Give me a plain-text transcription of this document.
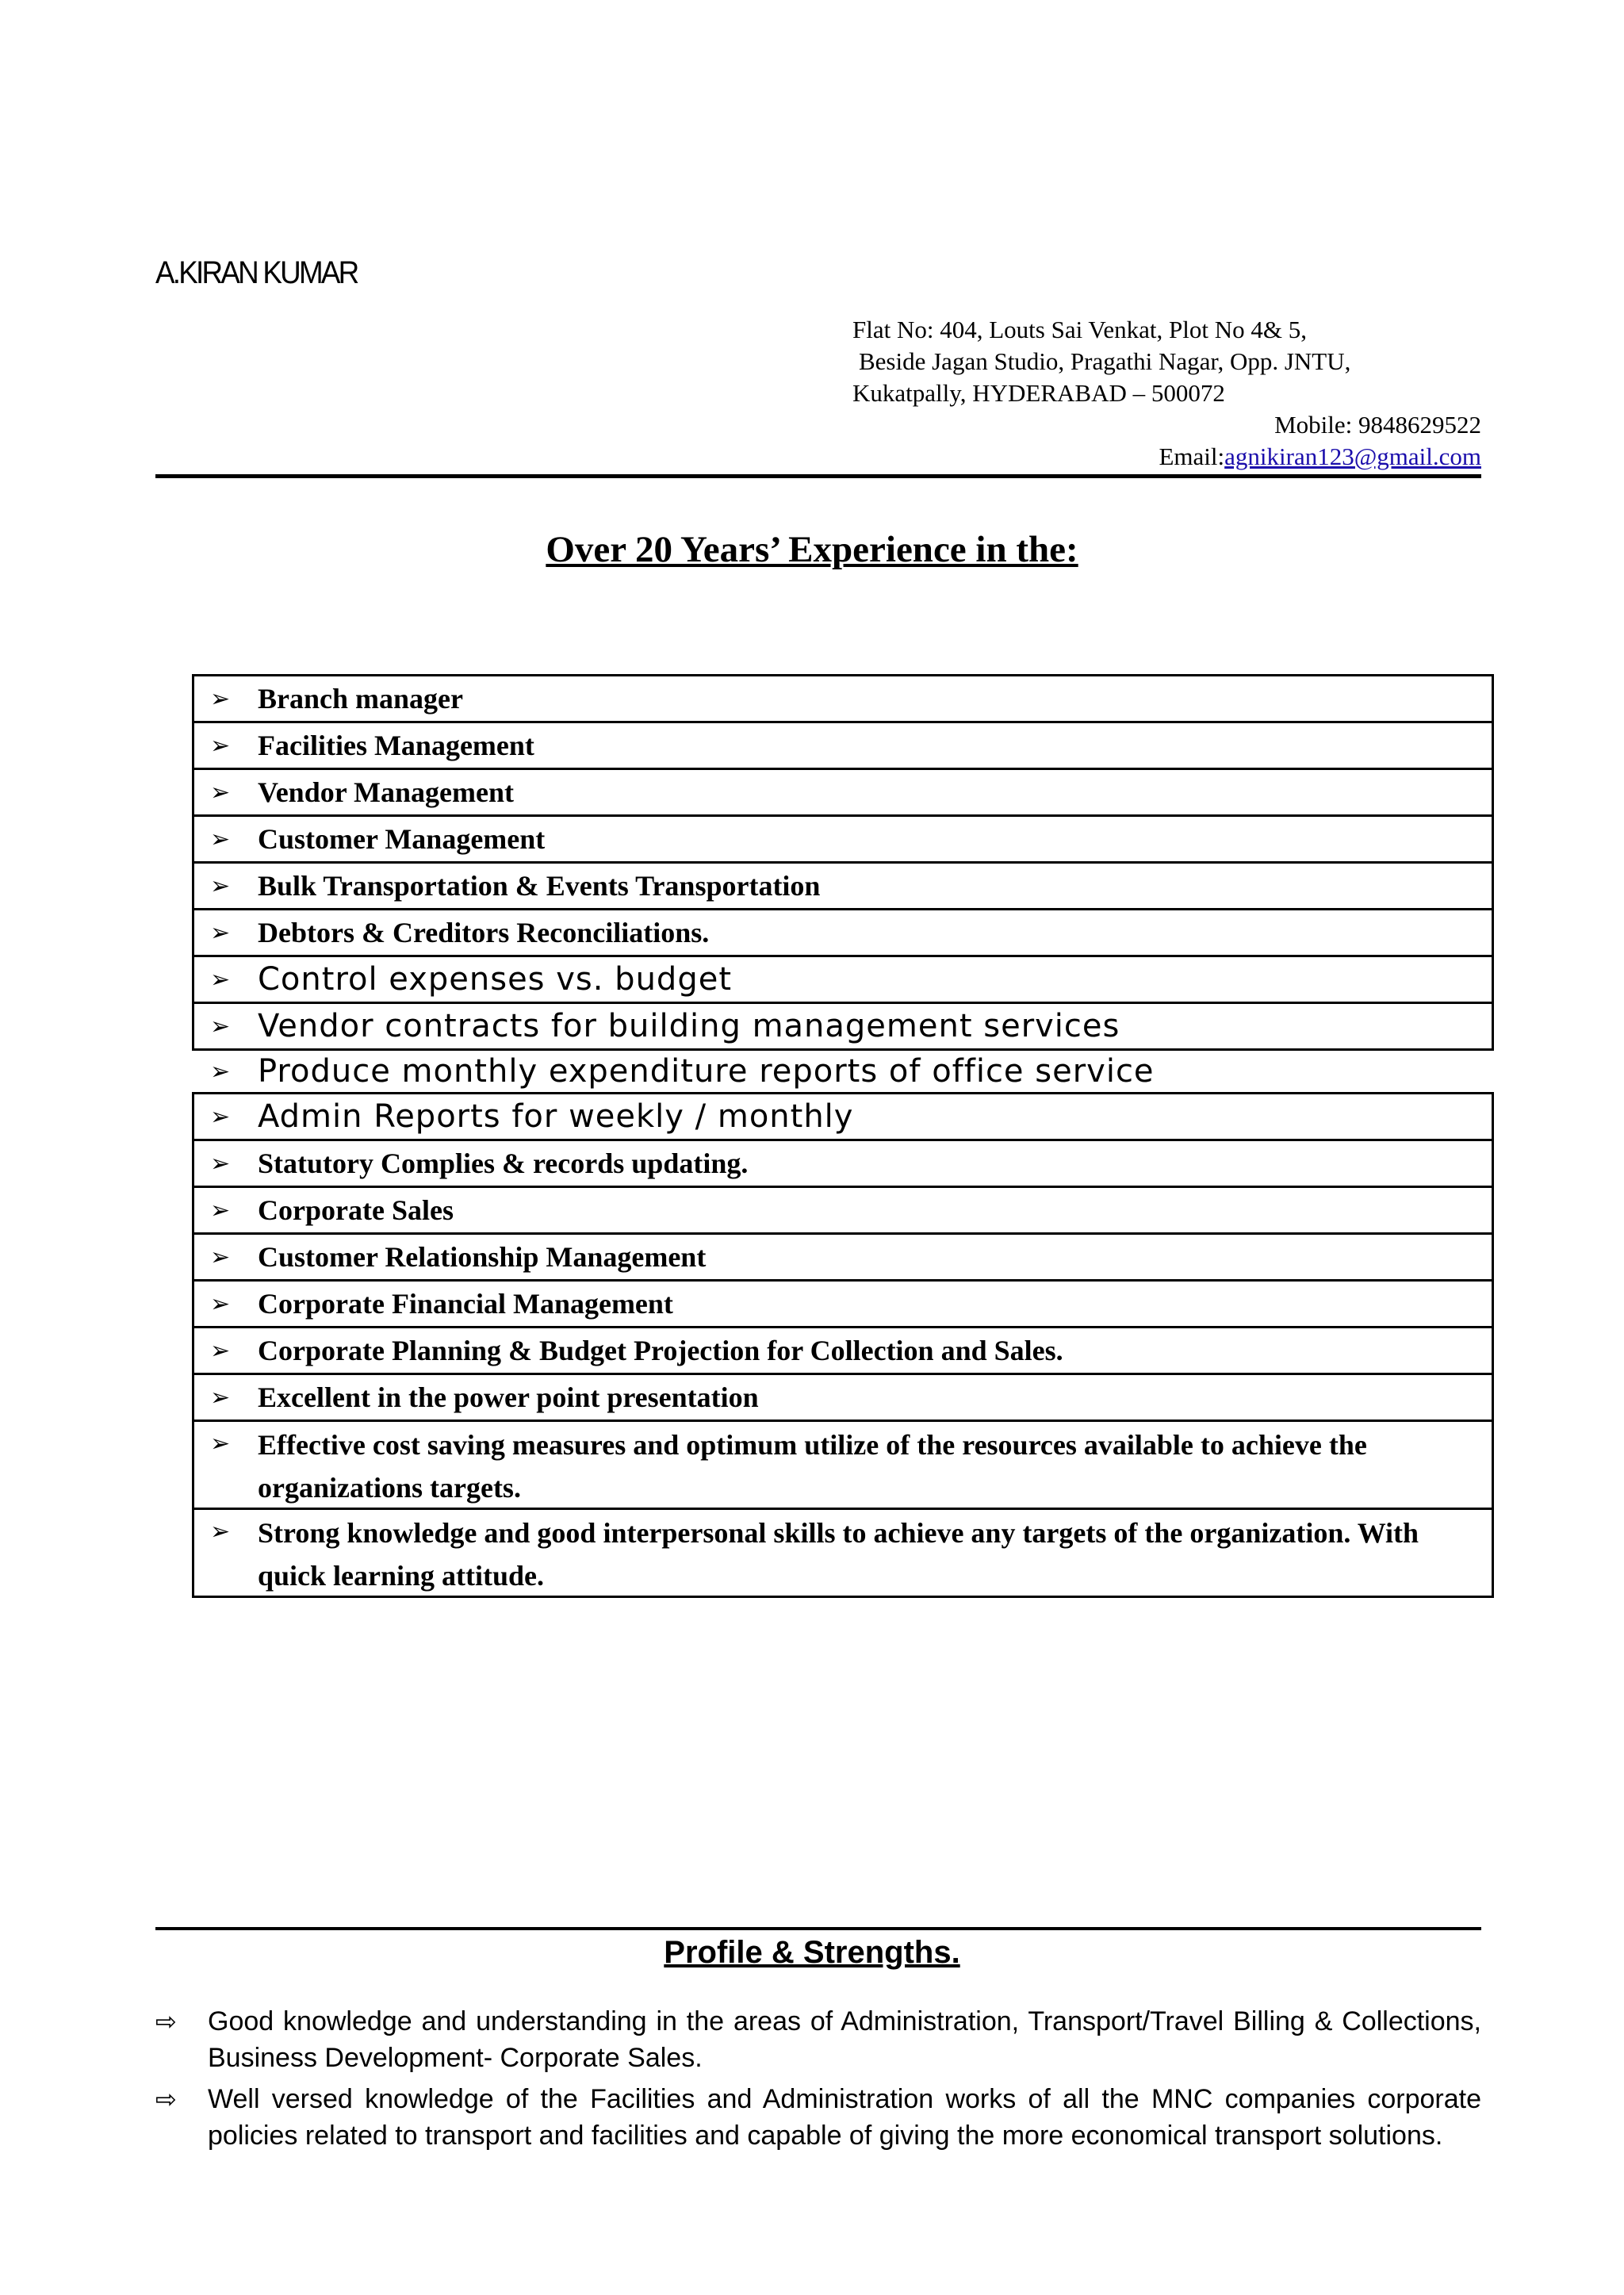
A.KIRAN KUMAR
Flat No: 404, Louts Sai Venkat, Plot No 4& 5,
Beside Jagan Studio, Pragathi Nagar, Opp. JNTU,
Kukatpally, HYDERABAD – 500072
Mobile: 9848629522
Email:agnikiran123@gmail.com
Over 20 Years’ Experience in the:
➢ Branch manager
➢ Facilities Management
➢ Vendor Management
➢ Customer Management
➢ Bulk Transportation & Events Transportation
➢ Debtors & Creditors Reconciliations.
➢ Control expenses vs. budget
➢ Vendor contracts for building management services
➢ Produce monthly expenditure reports of office service
➢ Admin Reports for weekly / monthly
➢ Statutory Complies & records updating.
➢ Corporate Sales
➢ Customer Relationship Management
➢ Corporate Financial Management
➢ Corporate Planning & Budget Projection for Collection and Sales.
➢ Excellent in the power point presentation
➢ Effective cost saving measures and optimum utilize of the resources available to achieve the organizations targets.
➢ Strong knowledge and good interpersonal skills to achieve any targets of the organization. With quick learning attitude.
Profile & Strengths.
⇨	Good knowledge and understanding in the areas of Administration, Transport/Travel Billing & Collections, Business Development- Corporate Sales.
⇨	Well versed knowledge of the Facilities and Administration works of all the MNC companies corporate policies related to transport and facilities and capable of giving the more economical transport solutions.
